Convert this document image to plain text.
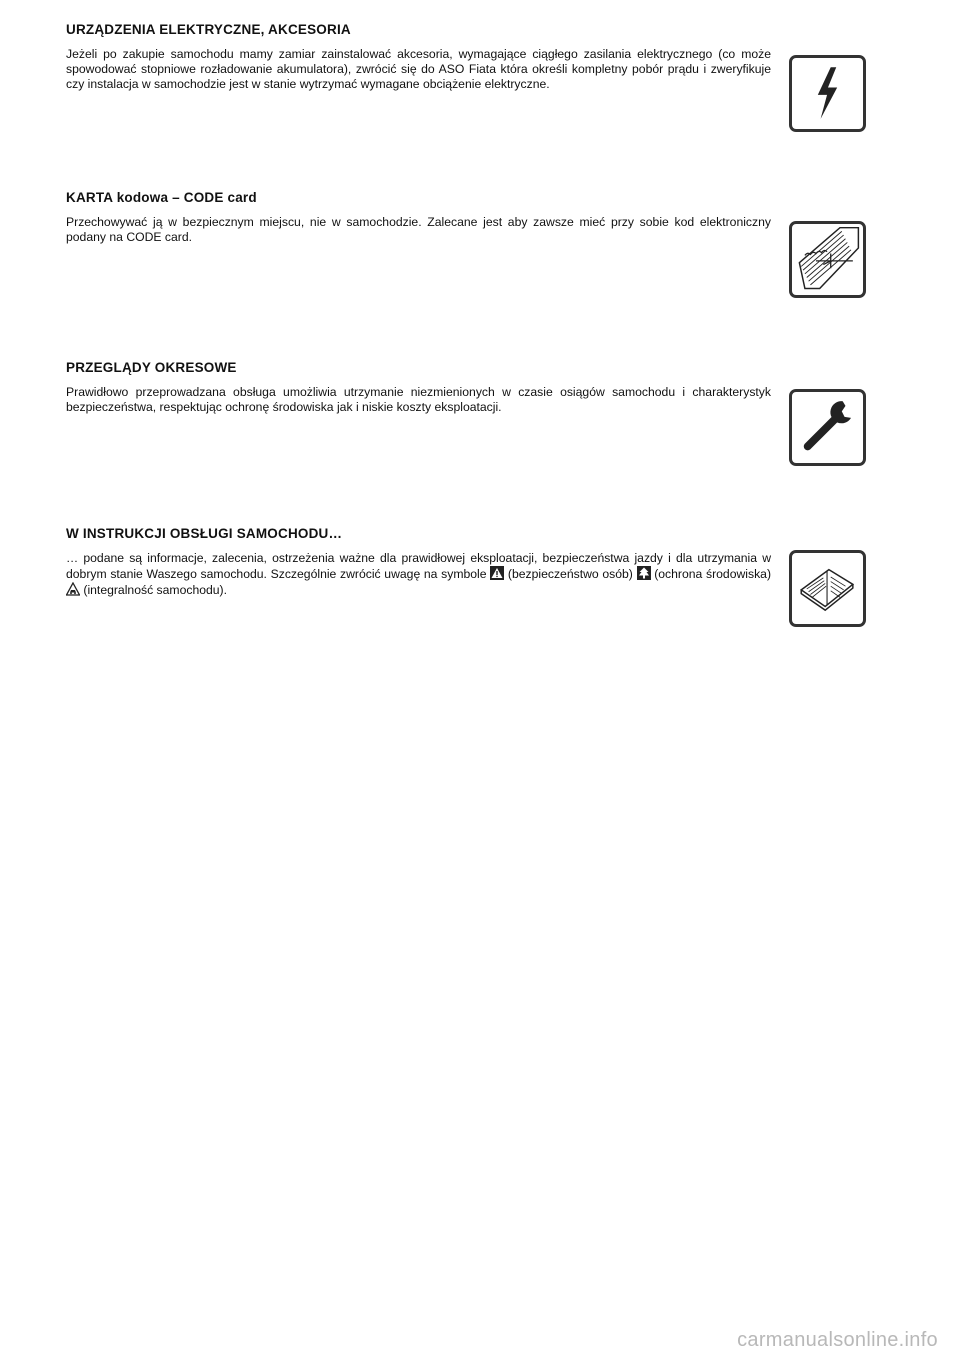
URZĄDZENIA ELEKTRYCZNE, AKCESORIA

Jeżeli po zakupie samochodu mamy zamiar zainstalować akcesoria, wymagające ciągłego zasilania elektrycznego (co może spowodować stopniowe rozładowanie akumulatora), zwrócić się do ASO Fiata która określi kompletny pobór prądu i zweryfikuje czy instalacja w samochodzie jest w stanie wytrzymać wymagane obciążenie elektryczne.

KARTA kodowa – CODE card

Przechowywać ją w bezpiecznym miejscu, nie w samochodzie. Zalecane jest aby zawsze mieć przy sobie kod elektroniczny podany na CODE card.

PRZEGLĄDY OKRESOWE

Prawidłowo przeprowadzana obsługa umożliwia utrzymanie niezmienionych w czasie osiągów samochodu i charakterystyk bezpieczeństwa, respektując ochronę środowiska jak i niskie koszty eksploatacji.

W INSTRUKCJI OBSŁUGI SAMOCHODU…

… podane są informacje, zalecenia, ostrzeżenia ważne dla prawidłowej eksploatacji, bezpieczeństwa jazdy i dla utrzymania w dobrym stanie Waszego samochodu. Szczególnie zwrócić uwagę na symbole (bezpieczeństwo osób) (ochrona środowiska)  (integralność samochodu).

carmanualsonline.info
